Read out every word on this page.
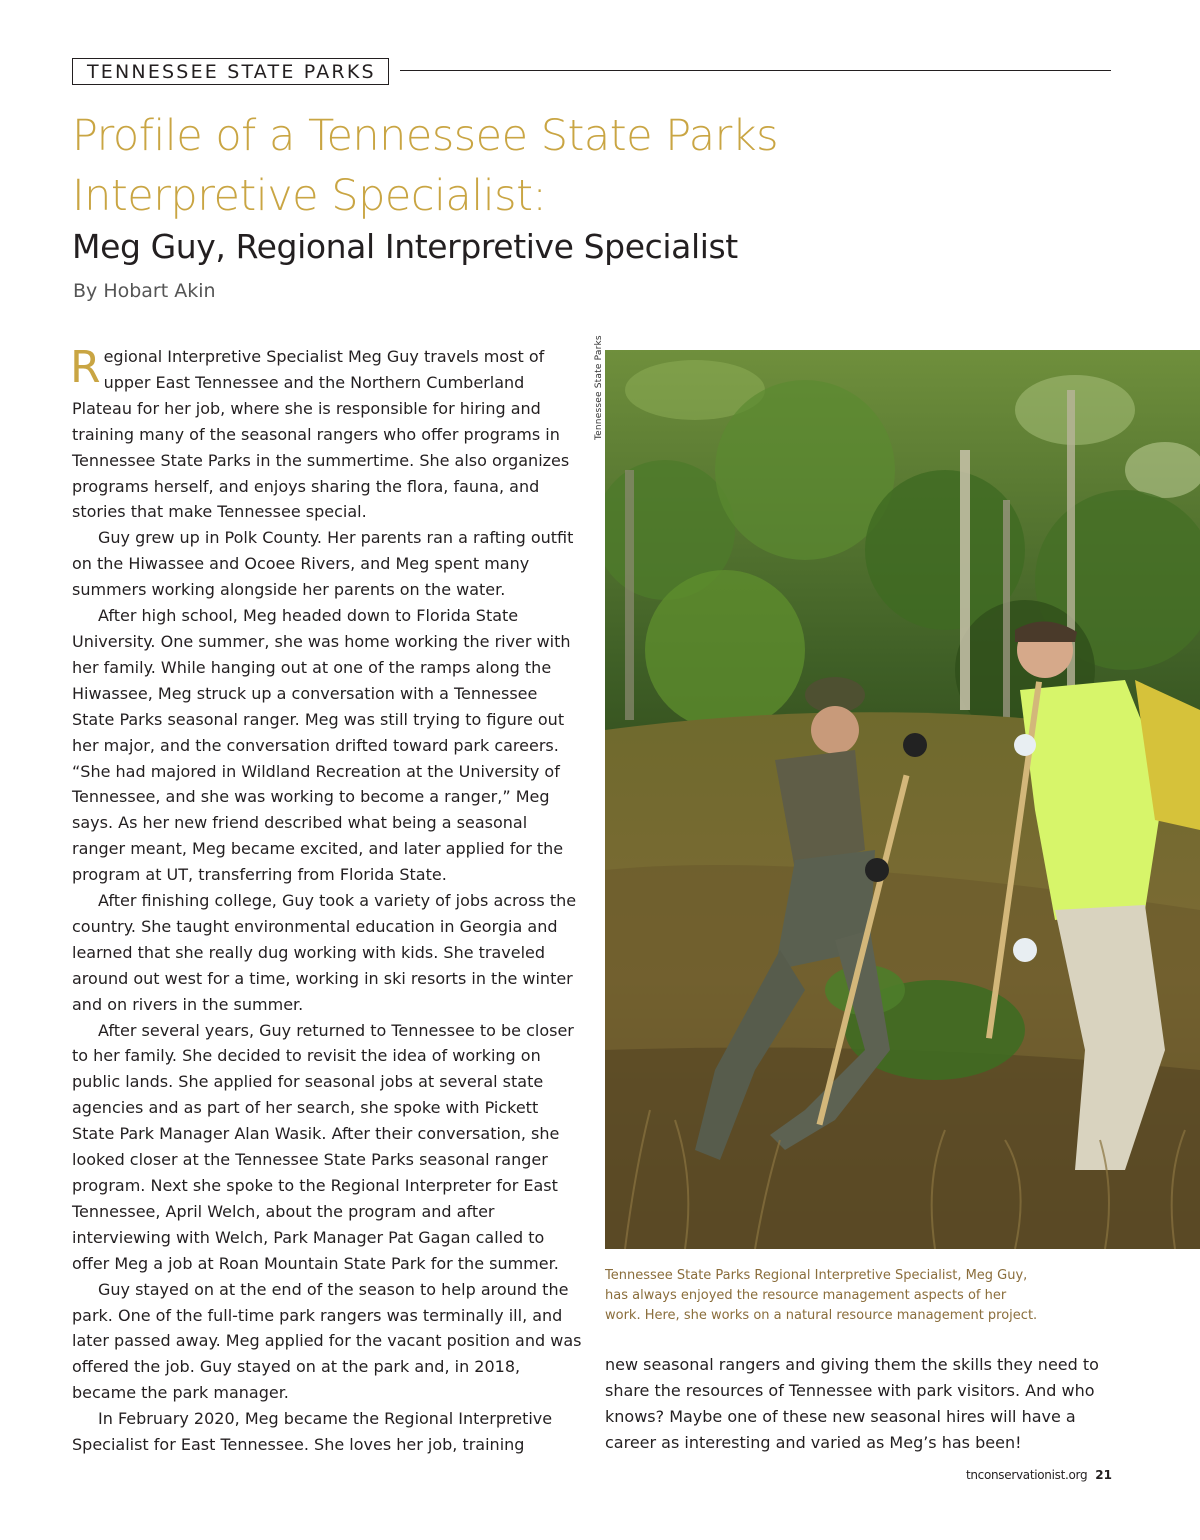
TENNESSEE STATE PARKS
Profile of a Tennessee State Parks Interpretive Specialist:
Meg Guy, Regional Interpretive Specialist
By Hobart Akin

Regional Interpretive Specialist Meg Guy travels most of upper East Tennessee and the Northern Cumberland Plateau for her job, where she is responsible for hiring and training many of the seasonal rangers who offer programs in Tennessee State Parks in the summertime. She also organizes programs herself, and enjoys sharing the flora, fauna, and stories that make Tennessee special.

Guy grew up in Polk County. Her parents ran a rafting outfit on the Hiwassee and Ocoee Rivers, and Meg spent many summers working alongside her parents on the water.

After high school, Meg headed down to Florida State University. One summer, she was home working the river with her family. While hanging out at one of the ramps along the Hiwassee, Meg struck up a conversation with a Tennessee State Parks seasonal ranger. Meg was still trying to figure out her major, and the conversation drifted toward park careers. “She had majored in Wildland Recreation at the University of Tennessee, and she was working to become a ranger,” Meg says. As her new friend described what being a seasonal ranger meant, Meg became excited, and later applied for the program at UT, transferring from Florida State.

After finishing college, Guy took a variety of jobs across the country. She taught environmental education in Georgia and learned that she really dug working with kids. She traveled around out west for a time, working in ski resorts in the winter and on rivers in the summer.

After several years, Guy returned to Tennessee to be closer to her family. She decided to revisit the idea of working on public lands. She applied for seasonal jobs at several state agencies and as part of her search, she spoke with Pickett State Park Manager Alan Wasik. After their conversation, she looked closer at the Tennessee State Parks seasonal ranger program. Next she spoke to the Regional Interpreter for East Tennessee, April Welch, about the program and after interviewing with Welch, Park Manager Pat Gagan called to offer Meg a job at Roan Mountain State Park for the summer.

Guy stayed on at the end of the season to help around the park. One of the full-time park rangers was terminally ill, and later passed away. Meg applied for the vacant position and was offered the job. Guy stayed on at the park and, in 2018, became the park manager.

In February 2020, Meg became the Regional Interpretive Specialist for East Tennessee. She loves her job, training

Tennessee State Parks
Tennessee State Parks Regional Interpretive Specialist, Meg Guy, has always enjoyed the resource management aspects of her work. Here, she works on a natural resource management project.

new seasonal rangers and giving them the skills they need to share the resources of Tennessee with park visitors. And who knows? Maybe one of these new seasonal hires will have a career as interesting and varied as Meg’s has been!

tnconservationist.org 21
